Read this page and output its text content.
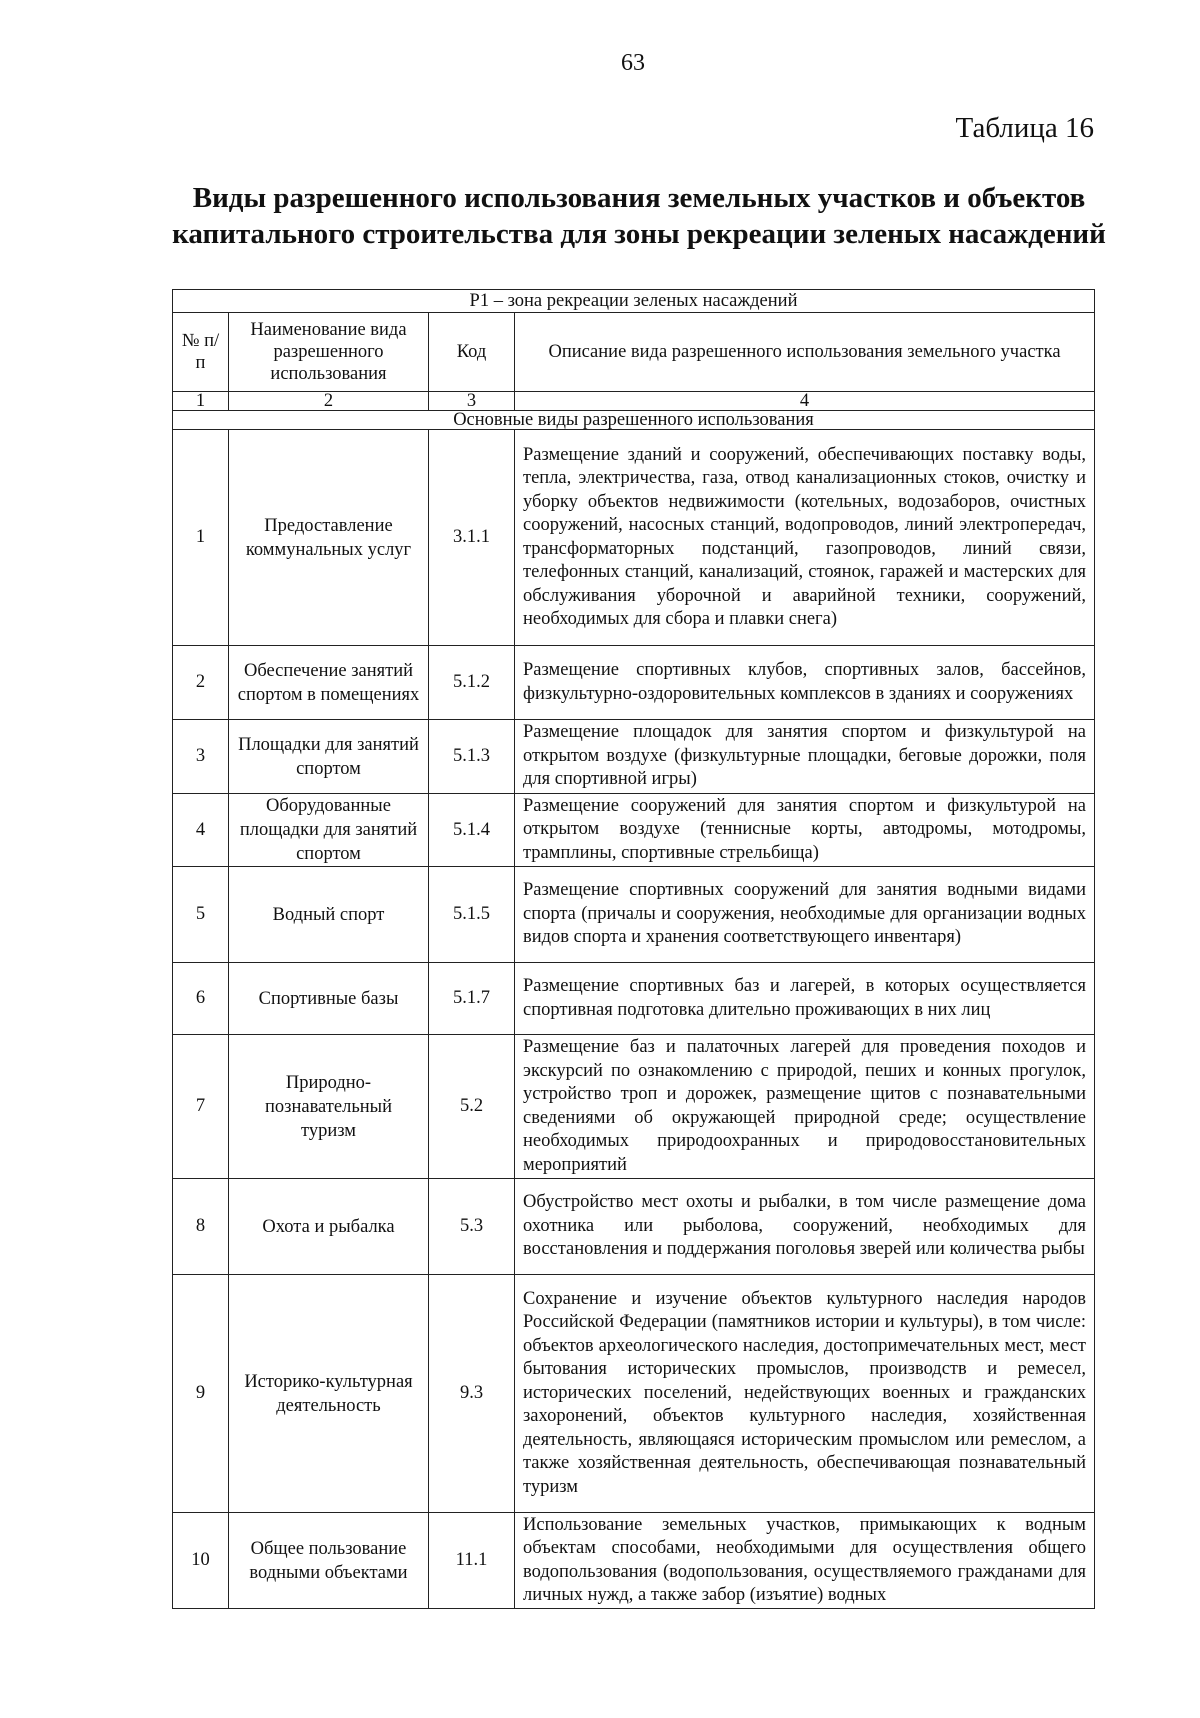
63
Таблица 16
Виды разрешенного использования земельных участков и объектов
капитального строительства для зоны рекреации зеленых насаждений
Р1 – зона рекреации зеленых насаждений			
№ п/п	Наименование вида разрешенного использования	Код	Описание вида разрешенного использования земельного участка
1	2	3	4
Основные виды разрешенного использования			
1	Предоставление коммунальных услуг	3.1.1	Размещение зданий и сооружений, обеспечивающих поставку воды, тепла, электричества, газа, отвод канализационных стоков, очистку и уборку объектов недвижимости (котельных, водозаборов, очистных сооружений, насосных станций, водопроводов, линий электропередач, трансформаторных подстанций, газопроводов, линий связи, телефонных станций, канализаций, стоянок, гаражей и мастерских для обслуживания уборочной и аварийной техники, сооружений, необходимых для сбора и плавки снега)
2	Обеспечение занятий спортом в помещениях	5.1.2	Размещение спортивных клубов, спортивных залов, бассейнов, физкультурно-оздоровительных комплексов в зданиях и сооружениях
3	Площадки для занятий спортом	5.1.3	Размещение площадок для занятия спортом и физкультурой на открытом воздухе (физкультурные площадки, беговые дорожки, поля для спортивной игры)
4	Оборудованные площадки для занятий спортом	5.1.4	Размещение сооружений для занятия спортом и физкультурой на открытом воздухе (теннисные корты, автодромы, мотодромы, трамплины, спортивные стрельбища)
5	Водный спорт	5.1.5	Размещение спортивных сооружений для занятия водными видами спорта (причалы и сооружения, необходимые для организации водных видов спорта и хранения соответствующего инвентаря)
6	Спортивные базы	5.1.7	Размещение спортивных баз и лагерей, в которых осуществляется спортивная подготовка длительно проживающих в них лиц
7	Природно-познавательный туризм	5.2	Размещение баз и палаточных лагерей для проведения походов и экскурсий по ознакомлению с природой, пеших и конных прогулок, устройство троп и дорожек, размещение щитов с познавательными сведениями об окружающей природной среде; осуществление необходимых природоохранных и природовосстановительных мероприятий
8	Охота и рыбалка	5.3	Обустройство мест охоты и рыбалки, в том числе размещение дома охотника или рыболова, сооружений, необходимых для восстановления и поддержания поголовья зверей или количества рыбы
9	Историко-культурная деятельность	9.3	Сохранение и изучение объектов культурного наследия народов Российской Федерации (памятников истории и культуры), в том числе: объектов археологического наследия, достопримечательных мест, мест бытования исторических промыслов, производств и ремесел, исторических поселений, недействующих военных и гражданских захоронений, объектов культурного наследия, хозяйственная деятельность, являющаяся историческим промыслом или ремеслом, а также хозяйственная деятельность, обеспечивающая познавательный туризм
10	Общее пользование водными объектами	11.1	Использование земельных участков, примыкающих к водным объектам способами, необходимыми для осуществления общего водопользования (водопользования, осуществляемого гражданами для личных нужд, а также забор (изъятие) водных
